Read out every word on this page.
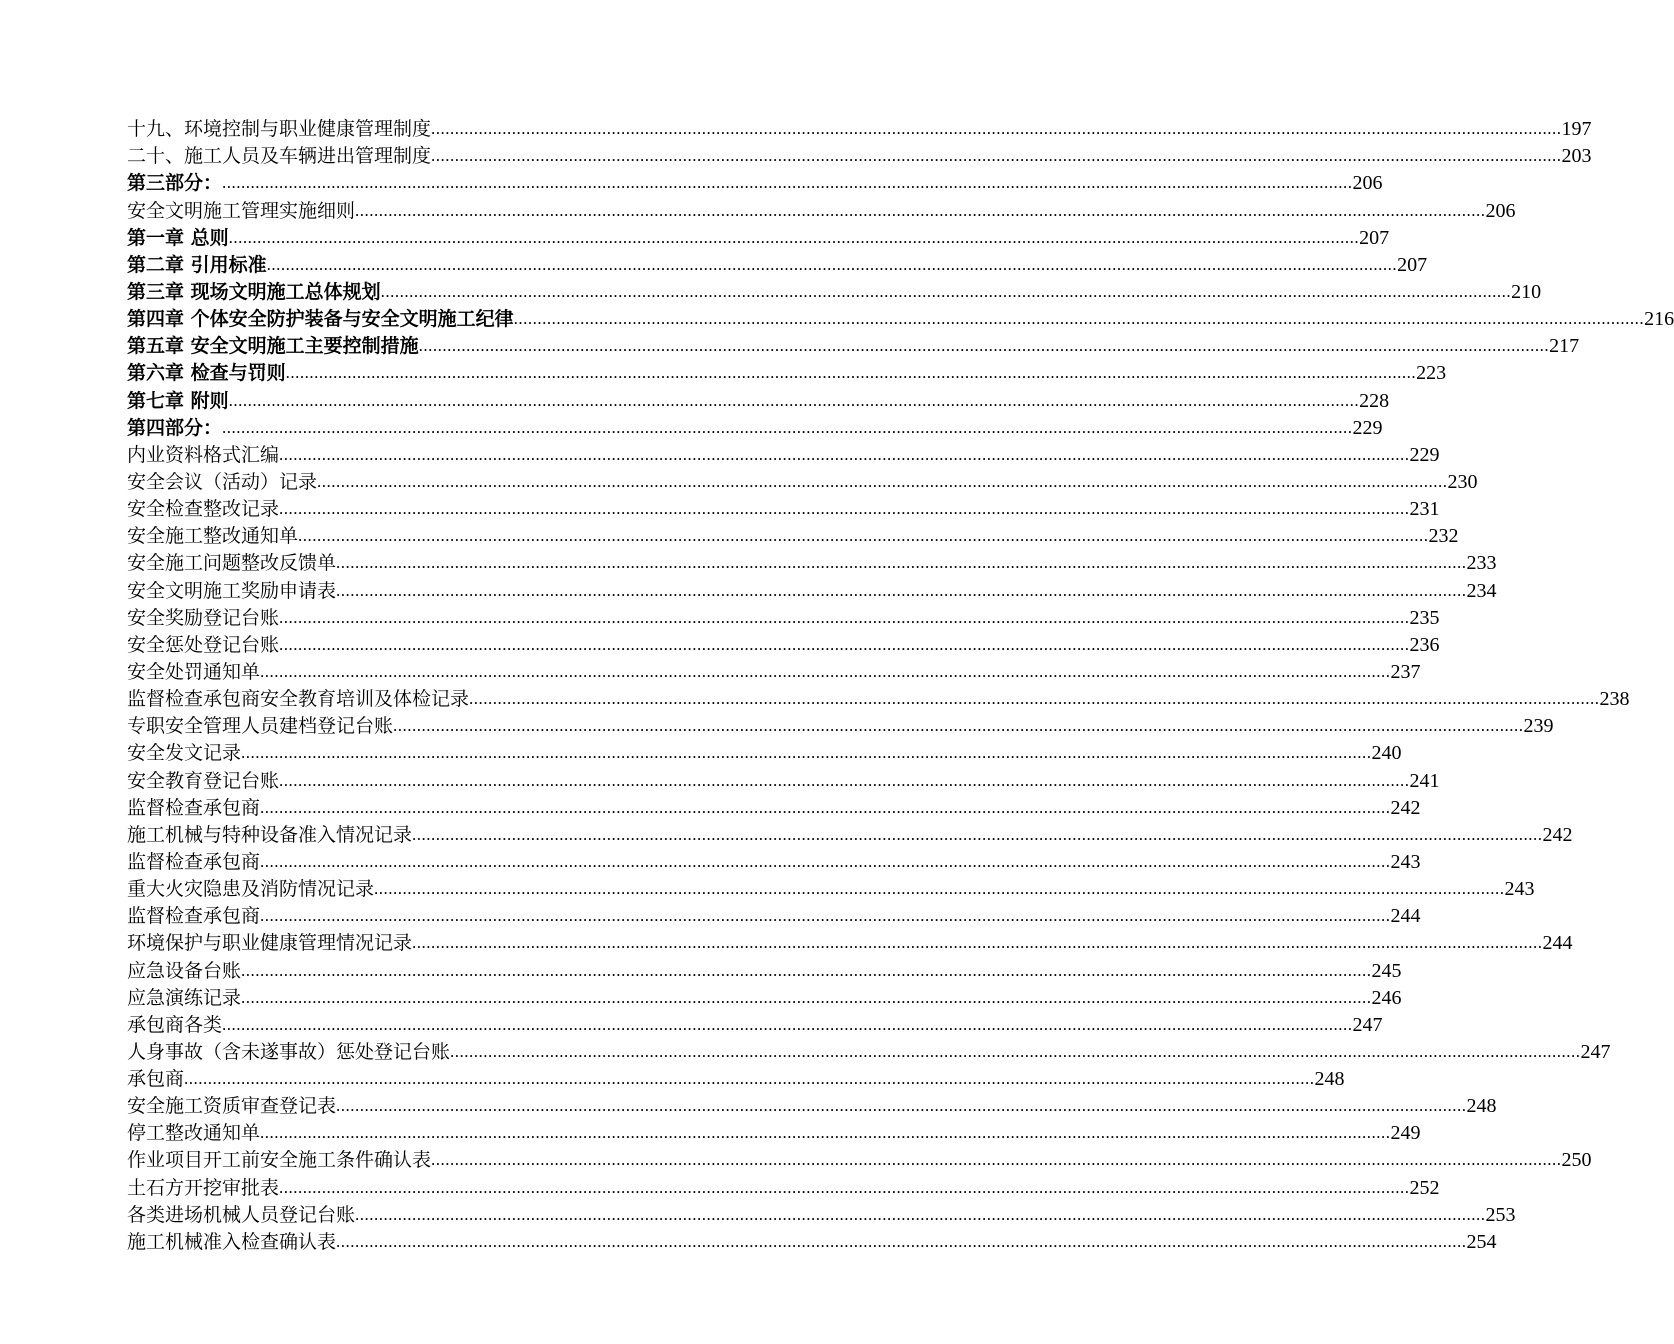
十九、环境控制与职业健康管理制度 .............................................................................................................................................................................................................................................. 197
二十、施工人员及车辆进出管理制度 .............................................................................................................................................................................................................................................. 203
第三部分： .............................................................................................................................................................................................................................................. 206
安全文明施工管理实施细则 .............................................................................................................................................................................................................................................. 206
第一章 总则 .............................................................................................................................................................................................................................................. 207
第二章 引用标准 .............................................................................................................................................................................................................................................. 207
第三章 现场文明施工总体规划 .............................................................................................................................................................................................................................................. 210
第四章 个体安全防护装备与安全文明施工纪律 .............................................................................................................................................................................................................................................. 216
第五章 安全文明施工主要控制措施 .............................................................................................................................................................................................................................................. 217
第六章 检查与罚则 .............................................................................................................................................................................................................................................. 223
第七章 附则 .............................................................................................................................................................................................................................................. 228
第四部分： .............................................................................................................................................................................................................................................. 229
内业资料格式汇编 .............................................................................................................................................................................................................................................. 229
安全会议（活动）记录 .............................................................................................................................................................................................................................................. 230
安全检查整改记录 .............................................................................................................................................................................................................................................. 231
安全施工整改通知单 .............................................................................................................................................................................................................................................. 232
安全施工问题整改反馈单 .............................................................................................................................................................................................................................................. 233
安全文明施工奖励申请表 .............................................................................................................................................................................................................................................. 234
安全奖励登记台账 .............................................................................................................................................................................................................................................. 235
安全惩处登记台账 .............................................................................................................................................................................................................................................. 236
安全处罚通知单 .............................................................................................................................................................................................................................................. 237
监督检查承包商安全教育培训及体检记录 .............................................................................................................................................................................................................................................. 238
专职安全管理人员建档登记台账 .............................................................................................................................................................................................................................................. 239
安全发文记录 .............................................................................................................................................................................................................................................. 240
安全教育登记台账 .............................................................................................................................................................................................................................................. 241
监督检查承包商 .............................................................................................................................................................................................................................................. 242
施工机械与特种设备准入情况记录 .............................................................................................................................................................................................................................................. 242
监督检查承包商 .............................................................................................................................................................................................................................................. 243
重大火灾隐患及消防情况记录 .............................................................................................................................................................................................................................................. 243
监督检查承包商 .............................................................................................................................................................................................................................................. 244
环境保护与职业健康管理情况记录 .............................................................................................................................................................................................................................................. 244
应急设备台账 .............................................................................................................................................................................................................................................. 245
应急演练记录 .............................................................................................................................................................................................................................................. 246
承包商各类 .............................................................................................................................................................................................................................................. 247
人身事故（含未遂事故）惩处登记台账 .............................................................................................................................................................................................................................................. 247
承包商 .............................................................................................................................................................................................................................................. 248
安全施工资质审查登记表 .............................................................................................................................................................................................................................................. 248
停工整改通知单 .............................................................................................................................................................................................................................................. 249
作业项目开工前安全施工条件确认表 .............................................................................................................................................................................................................................................. 250
土石方开挖审批表 .............................................................................................................................................................................................................................................. 252
各类进场机械人员登记台账 .............................................................................................................................................................................................................................................. 253
施工机械准入检查确认表 .............................................................................................................................................................................................................................................. 254
